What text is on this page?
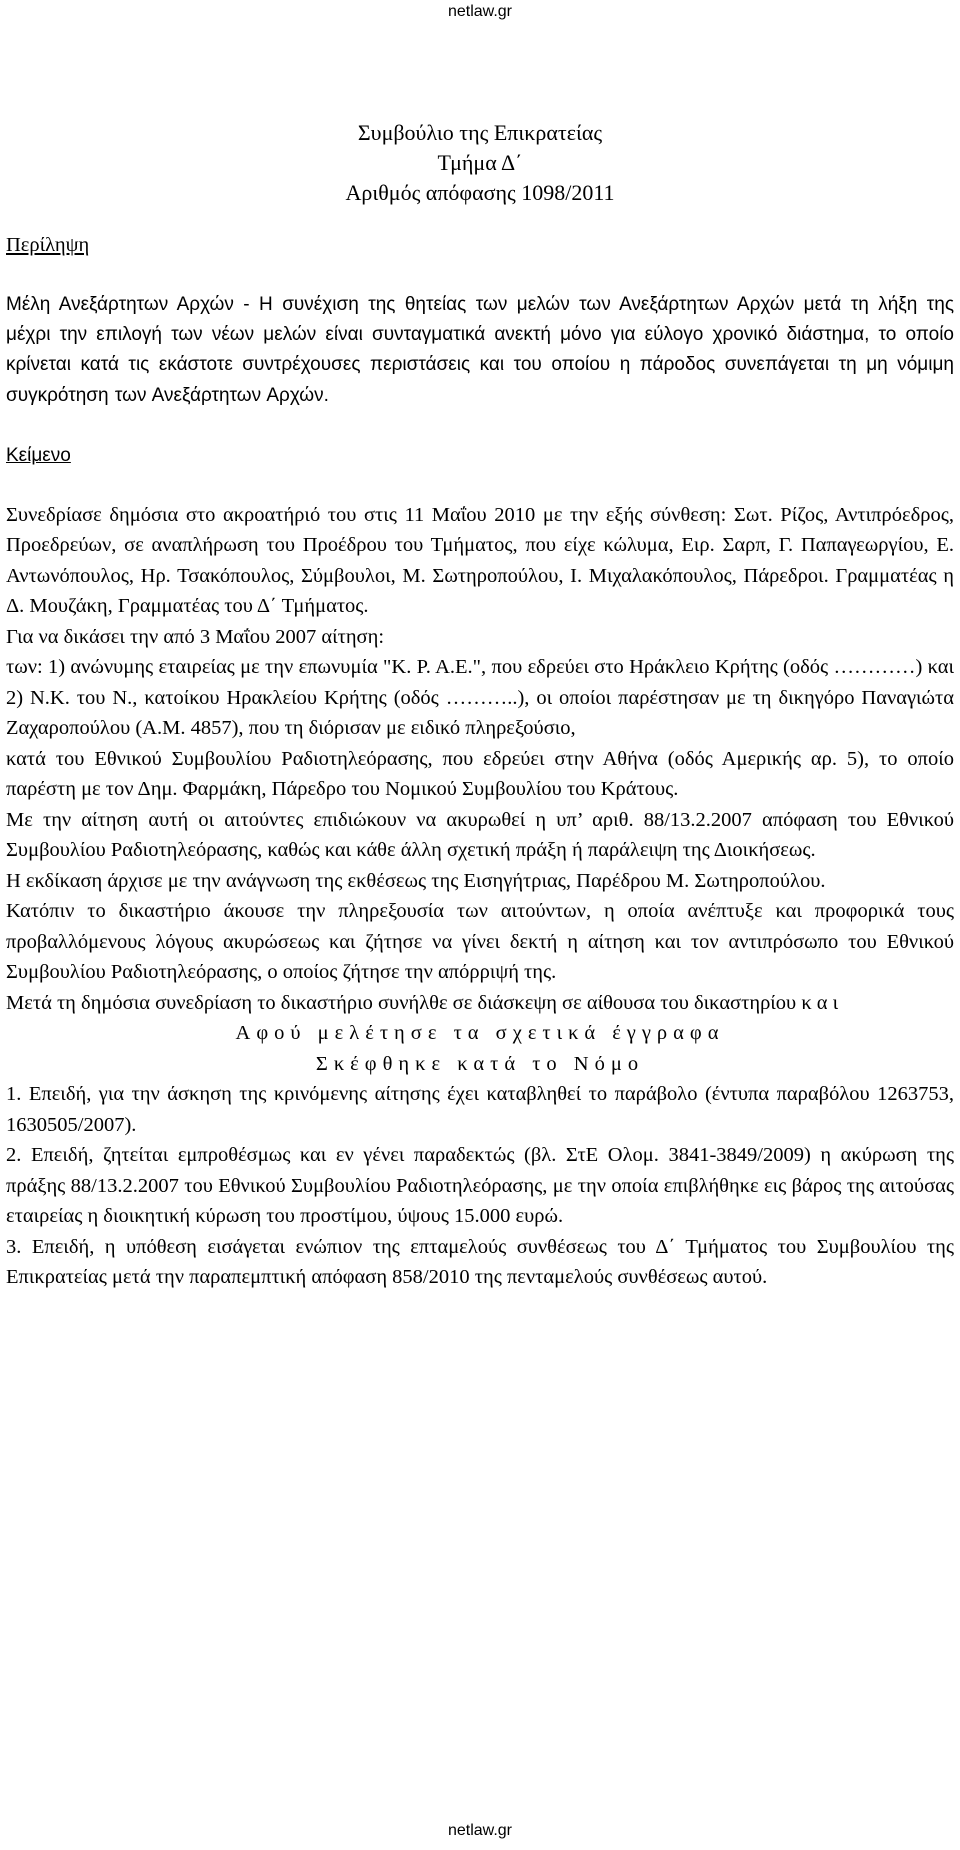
netlaw.gr
Συμβούλιο της Επικρατείας
Τμήμα Δ΄
Αριθμός απόφασης 1098/2011
Περίληψη
Μέλη Ανεξάρτητων Αρχών - Η συνέχιση της θητείας των μελών των Ανεξάρτητων Αρχών μετά τη λήξη της μέχρι την επιλογή των νέων μελών είναι συνταγματικά ανεκτή μόνο για εύλογο χρονικό διάστημα, το οποίο κρίνεται κατά τις εκάστοτε συντρέχουσες περιστάσεις και του οποίου η πάροδος συνεπάγεται τη μη νόμιμη συγκρότηση των Ανεξάρτητων Αρχών.
Κείμενο
Συνεδρίασε δημόσια στο ακροατήριό του στις 11 Μαΐου 2010 με την εξής σύνθεση: Σωτ. Ρίζος, Αντιπρόεδρος, Προεδρεύων, σε αναπλήρωση του Προέδρου του Τμήματος, που είχε κώλυμα, Ειρ. Σαρπ, Γ. Παπαγεωργίου, Ε. Αντωνόπουλος, Ηρ. Τσακόπουλος, Σύμβουλοι, Μ. Σωτηροπούλου, Ι. Μιχαλακόπουλος, Πάρεδροι. Γραμματέας η Δ. Μουζάκη, Γραμματέας του Δ΄ Τμήματος.
Για να δικάσει την από 3 Μαΐου 2007 αίτηση:
των: 1) ανώνυμης εταιρείας με την επωνυμία "Κ. Ρ. Α.Ε.", που εδρεύει στο Ηράκλειο Κρήτης (οδός …………) και 2) Ν.Κ. του Ν., κατοίκου Ηρακλείου Κρήτης (οδός ………..), οι οποίοι παρέστησαν με τη δικηγόρο Παναγιώτα Ζαχαροπούλου (Α.Μ. 4857), που τη διόρισαν με ειδικό πληρεξούσιο,
κατά του Εθνικού Συμβουλίου Ραδιοτηλεόρασης, που εδρεύει στην Αθήνα (οδός Αμερικής αρ. 5), το οποίο παρέστη με τον Δημ. Φαρμάκη, Πάρεδρο του Νομικού Συμβουλίου του Κράτους.
Με την αίτηση αυτή οι αιτούντες επιδιώκουν να ακυρωθεί η υπ’ αριθ. 88/13.2.2007 απόφαση του Εθνικού Συμβουλίου Ραδιοτηλεόρασης, καθώς και κάθε άλλη σχετική πράξη ή παράλειψη της Διοικήσεως.
Η εκδίκαση άρχισε με την ανάγνωση της εκθέσεως της Εισηγήτριας, Παρέδρου Μ. Σωτηροπούλου.
Κατόπιν το δικαστήριο άκουσε την πληρεξουσία των αιτούντων, η οποία ανέπτυξε και προφορικά τους προβαλλόμενους λόγους ακυρώσεως και ζήτησε να γίνει δεκτή η αίτηση και τον αντιπρόσωπο του Εθνικού Συμβουλίου Ραδιοτηλεόρασης, ο οποίος ζήτησε την απόρριψή της.
Μετά τη δημόσια συνεδρίαση το δικαστήριο συνήλθε σε διάσκεψη σε αίθουσα του δικαστηρίου κ α ι
Αφού μελέτησε τα σχετικά έγγραφα
Σκέφθηκε κατά το Νόμο
1. Επειδή, για την άσκηση της κρινόμενης αίτησης έχει καταβληθεί το παράβολο (έντυπα παραβόλου 1263753, 1630505/2007).
2. Επειδή, ζητείται εμπροθέσμως και εν γένει παραδεκτώς (βλ. ΣτΕ Ολομ. 3841-3849/2009) η ακύρωση της πράξης 88/13.2.2007 του Εθνικού Συμβουλίου Ραδιοτηλεόρασης, με την οποία επιβλήθηκε εις βάρος της αιτούσας εταιρείας η διοικητική κύρωση του προστίμου, ύψους 15.000 ευρώ.
3. Επειδή, η υπόθεση εισάγεται ενώπιον της επταμελούς συνθέσεως του Δ΄ Τμήματος του Συμβουλίου της Επικρατείας μετά την παραπεμπτική απόφαση 858/2010 της πενταμελούς συνθέσεως αυτού.
netlaw.gr
